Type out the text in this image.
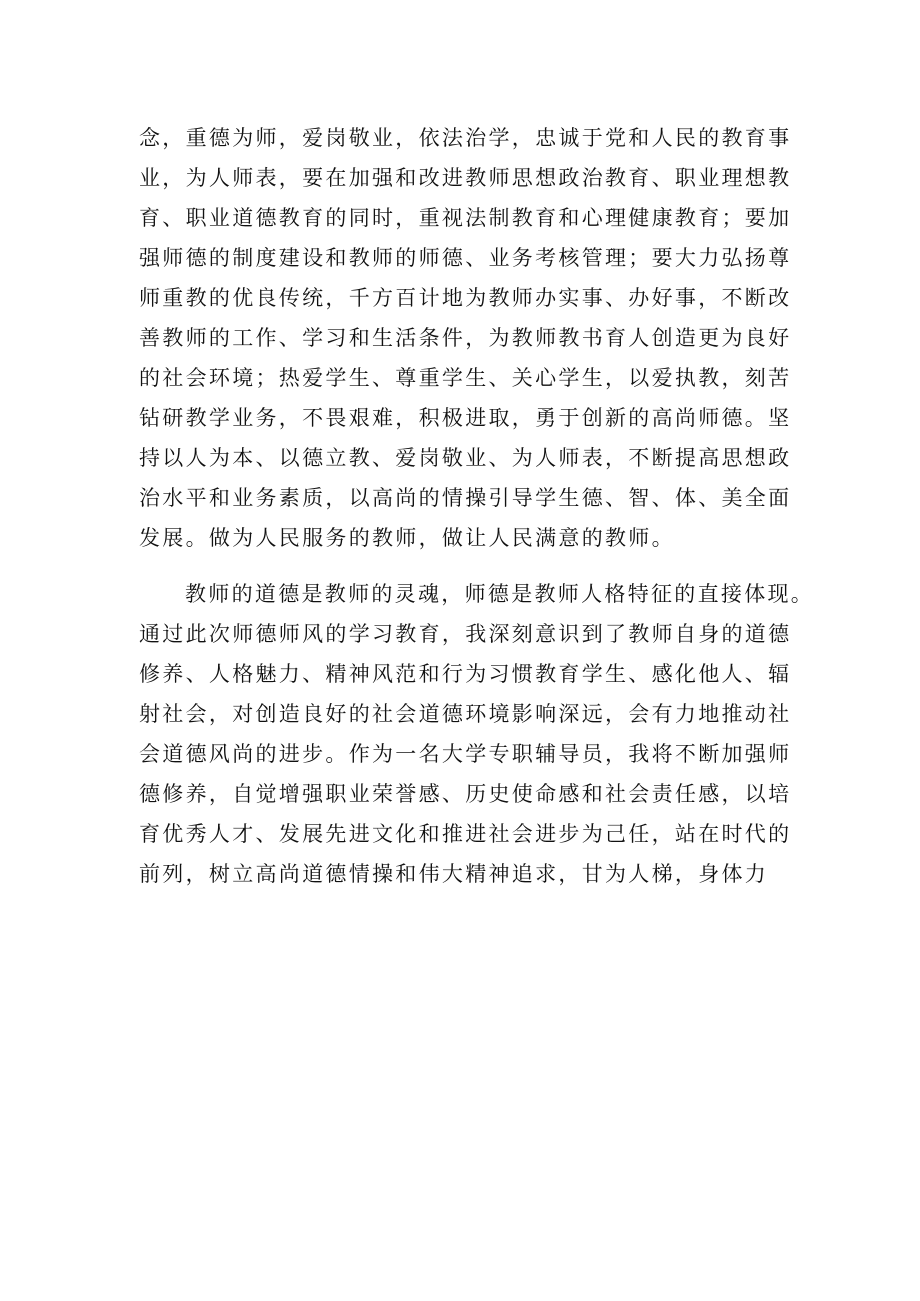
念，重德为师，爱岗敬业，依法治学，忠诚于党和人民的教育事
业，为人师表，要在加强和改进教师思想政治教育、职业理想教
育、职业道德教育的同时，重视法制教育和心理健康教育；要加
强师德的制度建设和教师的师德、业务考核管理；要大力弘扬尊
师重教的优良传统，千方百计地为教师办实事、办好事，不断改
善教师的工作、学习和生活条件，为教师教书育人创造更为良好
的社会环境；热爱学生、尊重学生、关心学生，以爱执教，刻苦
钻研教学业务，不畏艰难，积极进取，勇于创新的高尚师德。坚
持以人为本、以德立教、爱岗敬业、为人师表，不断提高思想政
治水平和业务素质，以高尚的情操引导学生德、智、体、美全面
发展。做为人民服务的教师，做让人民满意的教师。
教师的道德是教师的灵魂，师德是教师人格特征的直接体现。
通过此次师德师风的学习教育，我深刻意识到了教师自身的道德
修养、人格魅力、精神风范和行为习惯教育学生、感化他人、辐
射社会，对创造良好的社会道德环境影响深远，会有力地推动社
会道德风尚的进步。作为一名大学专职辅导员，我将不断加强师
德修养，自觉增强职业荣誉感、历史使命感和社会责任感，以培
育优秀人才、发展先进文化和推进社会进步为己任，站在时代的
前列，树立高尚道德情操和伟大精神追求，甘为人梯，身体力
